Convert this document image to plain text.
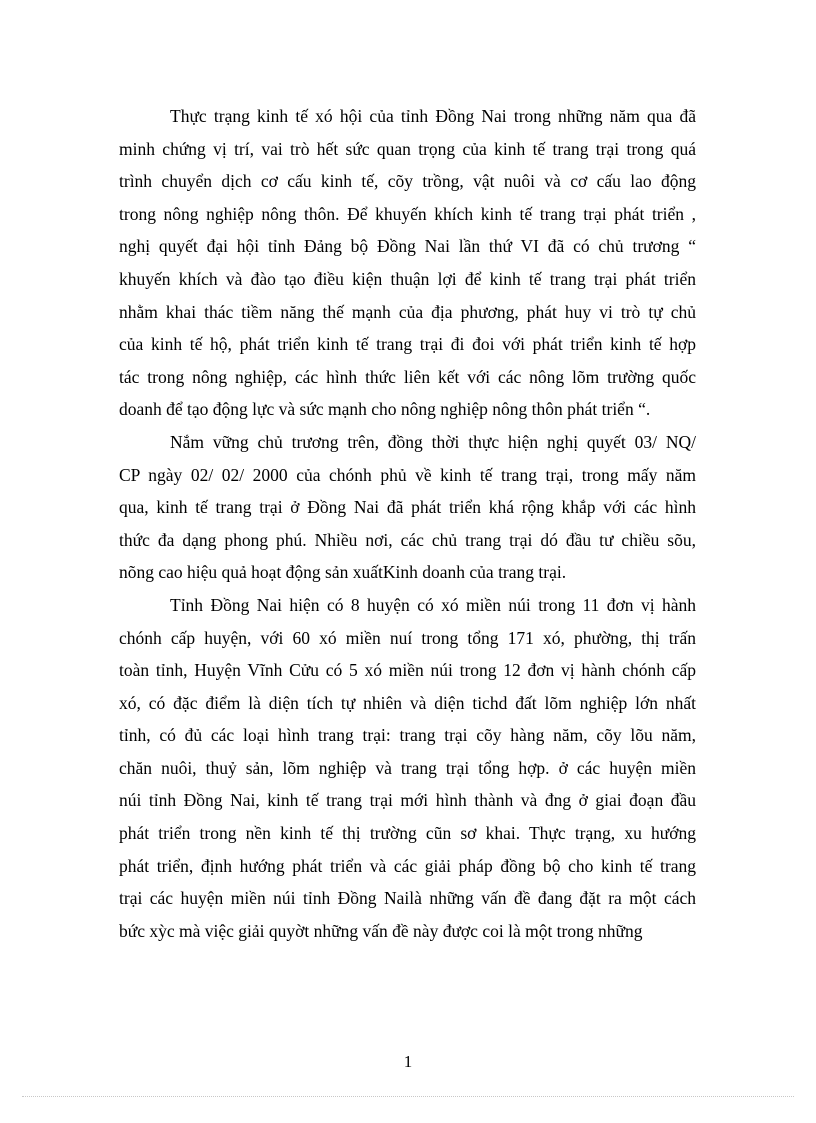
Thực trạng kinh tế xó hội của tỉnh Đồng Nai trong những năm qua đã
minh chứng vị trí, vai trò hết sức quan trọng của kinh tế trang trại trong quá
trình chuyển dịch cơ cấu kinh tế, cõy trồng, vật nuôi và cơ cấu lao động
trong nông nghiệp nông thôn. Để khuyến khích kinh tế trang trại phát triển ,
nghị quyết đại hội tỉnh Đảng bộ Đồng Nai lần thứ VI đã có chủ trương “
khuyến khích và đào tạo điều kiện thuận lợi để kinh tế trang trại phát triển
nhằm khai thác tiềm năng thế mạnh của địa phương, phát huy vi trò tự chủ
của kinh tế hộ, phát triển kinh tế trang trại đi đoi với phát triển kinh tế hợp
tác trong nông nghiệp, các hình thức liên kết với các nông lõm trường quốc
doanh để tạo động lực và sức mạnh cho nông nghiệp nông thôn phát triển “.
Nắm vững chủ trương trên, đồng thời thực hiện nghị quyết 03/ NQ/
CP ngày 02/ 02/ 2000 của chónh phủ về kinh tế trang trại, trong mấy năm
qua, kinh tế trang trại ở Đồng Nai đã phát triển khá rộng khắp với các hình
thức đa dạng phong phú. Nhiều nơi, các chủ trang trại dó đầu tư chiều sõu,
nõng cao hiệu quả hoạt động sản xuấtKinh doanh của trang trại.
Tỉnh Đồng Nai hiện có 8 huyện có xó miền núi trong 11 đơn vị hành
chónh cấp huyện, với 60 xó miền nuí trong tổng 171 xó, phường, thị trấn
toàn tỉnh, Huyện Vĩnh Cửu có 5 xó miền núi trong 12 đơn vị hành chónh cấp
xó, có đặc điểm là diện tích tự nhiên và diện tichd đất lõm nghiệp lớn nhất
tỉnh, có đủ các loại hình trang trại: trang trại cõy hàng năm, cõy lõu năm,
chăn nuôi, thuỷ sản, lõm nghiệp và trang trại tổng hợp. ở các huyện miền
núi tỉnh Đồng Nai, kinh tế trang trại mới hình thành và đng ở giai đoạn đầu
phát triển trong nền kinh tế thị trường cũn sơ khai. Thực trạng, xu hướng
phát triển, định hướng phát triển và các giải pháp đồng bộ cho kinh tế trang
trại các huyện miền núi tỉnh Đồng Nailà những vấn đề đang đặt ra một cách
bức xỳc mà việc giải quyờt những vấn đề này được coi là một trong những
1
